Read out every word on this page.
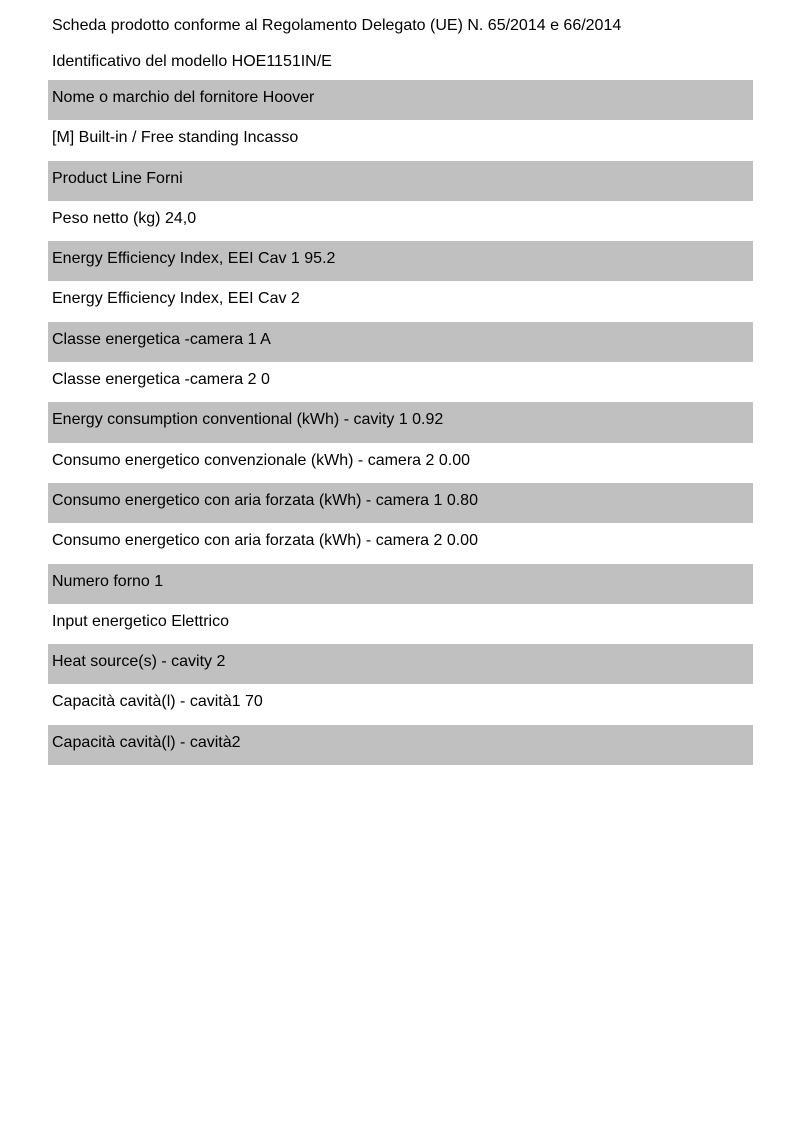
Scheda prodotto conforme al Regolamento Delegato (UE) N. 65/2014 e 66/2014
Identificativo del modello HOE1151IN/E
Nome o marchio del fornitore Hoover
[M] Built-in / Free standing Incasso
Product Line Forni
Peso netto (kg) 24,0
Energy Efficiency Index, EEI Cav 1 95.2
Energy Efficiency Index, EEI Cav 2
Classe energetica -camera 1 A
Classe energetica -camera 2 0
Energy consumption conventional (kWh) - cavity 1 0.92
Consumo energetico convenzionale (kWh) - camera 2 0.00
Consumo energetico con aria forzata (kWh) - camera 1 0.80
Consumo energetico con aria forzata (kWh) - camera 2 0.00
Numero forno 1
Input energetico Elettrico
Heat source(s) - cavity 2
Capacità cavità(l) - cavità1 70
Capacità cavità(l) - cavità2
